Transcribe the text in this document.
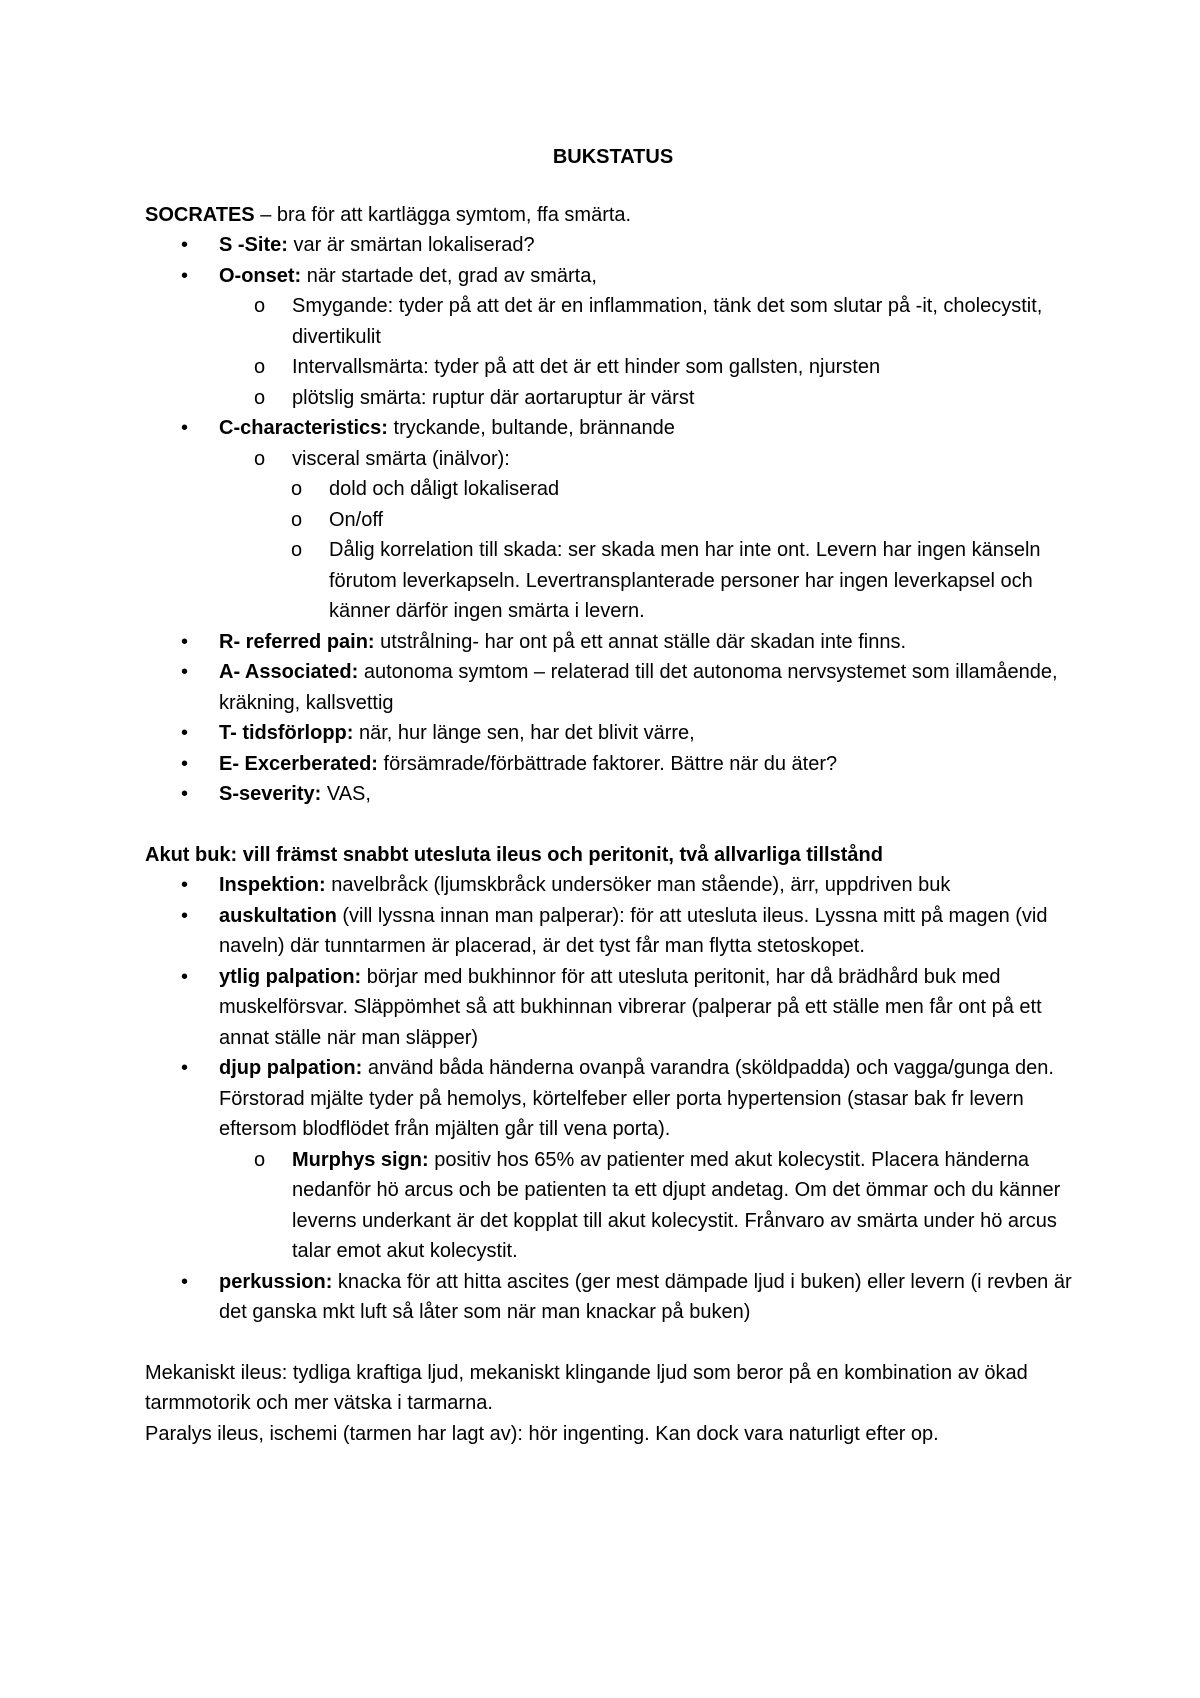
BUKSTATUS

SOCRATES – bra för att kartlägga symtom, ffa smärta.

• S -Site: var är smärtan lokaliserad?
• O-onset: när startade det, grad av smärta,
o Smygande: tyder på att det är en inflammation, tänk det som slutar på -it, cholecystit, divertikulit
o Intervallsmärta: tyder på att det är ett hinder som gallsten, njursten
o plötslig smärta: ruptur där aortaruptur är värst
• C-characteristics: tryckande, bultande, brännande
o visceral smärta (inälvor):
o dold och dåligt lokaliserad
o On/off
o Dålig korrelation till skada: ser skada men har inte ont. Levern har ingen känseln förutom leverkapseln. Levertransplanterade personer har ingen leverkapsel och känner därför ingen smärta i levern.
• R- referred pain: utstrålning- har ont på ett annat ställe där skadan inte finns.
• A- Associated: autonoma symtom – relaterad till det autonoma nervsystemet som illamående, kräkning, kallsvettig
• T- tidsförlopp: när, hur länge sen, har det blivit värre,
• E- Excerberated: försämrade/förbättrade faktorer. Bättre när du äter?
• S-severity: VAS,

Akut buk: vill främst snabbt utesluta ileus och peritonit, två allvarliga tillstånd

• Inspektion: navelbråck (ljumskbråck undersöker man stående), ärr, uppdriven buk
• auskultation (vill lyssna innan man palperar): för att utesluta ileus. Lyssna mitt på magen (vid naveln) där tunntarmen är placerad, är det tyst får man flytta stetoskopet.
• ytlig palpation: börjar med bukhinnor för att utesluta peritonit, har då brädhård buk med muskelförsvar. Släppömhet så att bukhinnan vibrerar (palperar på ett ställe men får ont på ett annat ställe när man släpper)
• djup palpation: använd båda händerna ovanpå varandra (sköldpadda) och vagga/gunga den. Förstorad mjälte tyder på hemolys, körtelfeber eller porta hypertension (stasar bak fr levern eftersom blodflödet från mjälten går till vena porta).
o Murphys sign: positiv hos 65% av patienter med akut kolecystit. Placera händerna nedanför hö arcus och be patienten ta ett djupt andetag. Om det ömmar och du känner leverns underkant är det kopplat till akut kolecystit. Frånvaro av smärta under hö arcus talar emot akut kolecystit.
• perkussion: knacka för att hitta ascites (ger mest dämpade ljud i buken) eller levern (i revben är det ganska mkt luft så låter som när man knackar på buken)

Mekaniskt ileus: tydliga kraftiga ljud, mekaniskt klingande ljud som beror på en kombination av ökad tarmmotorik och mer vätska i tarmarna.

Paralys ileus, ischemi (tarmen har lagt av): hör ingenting. Kan dock vara naturligt efter op.
